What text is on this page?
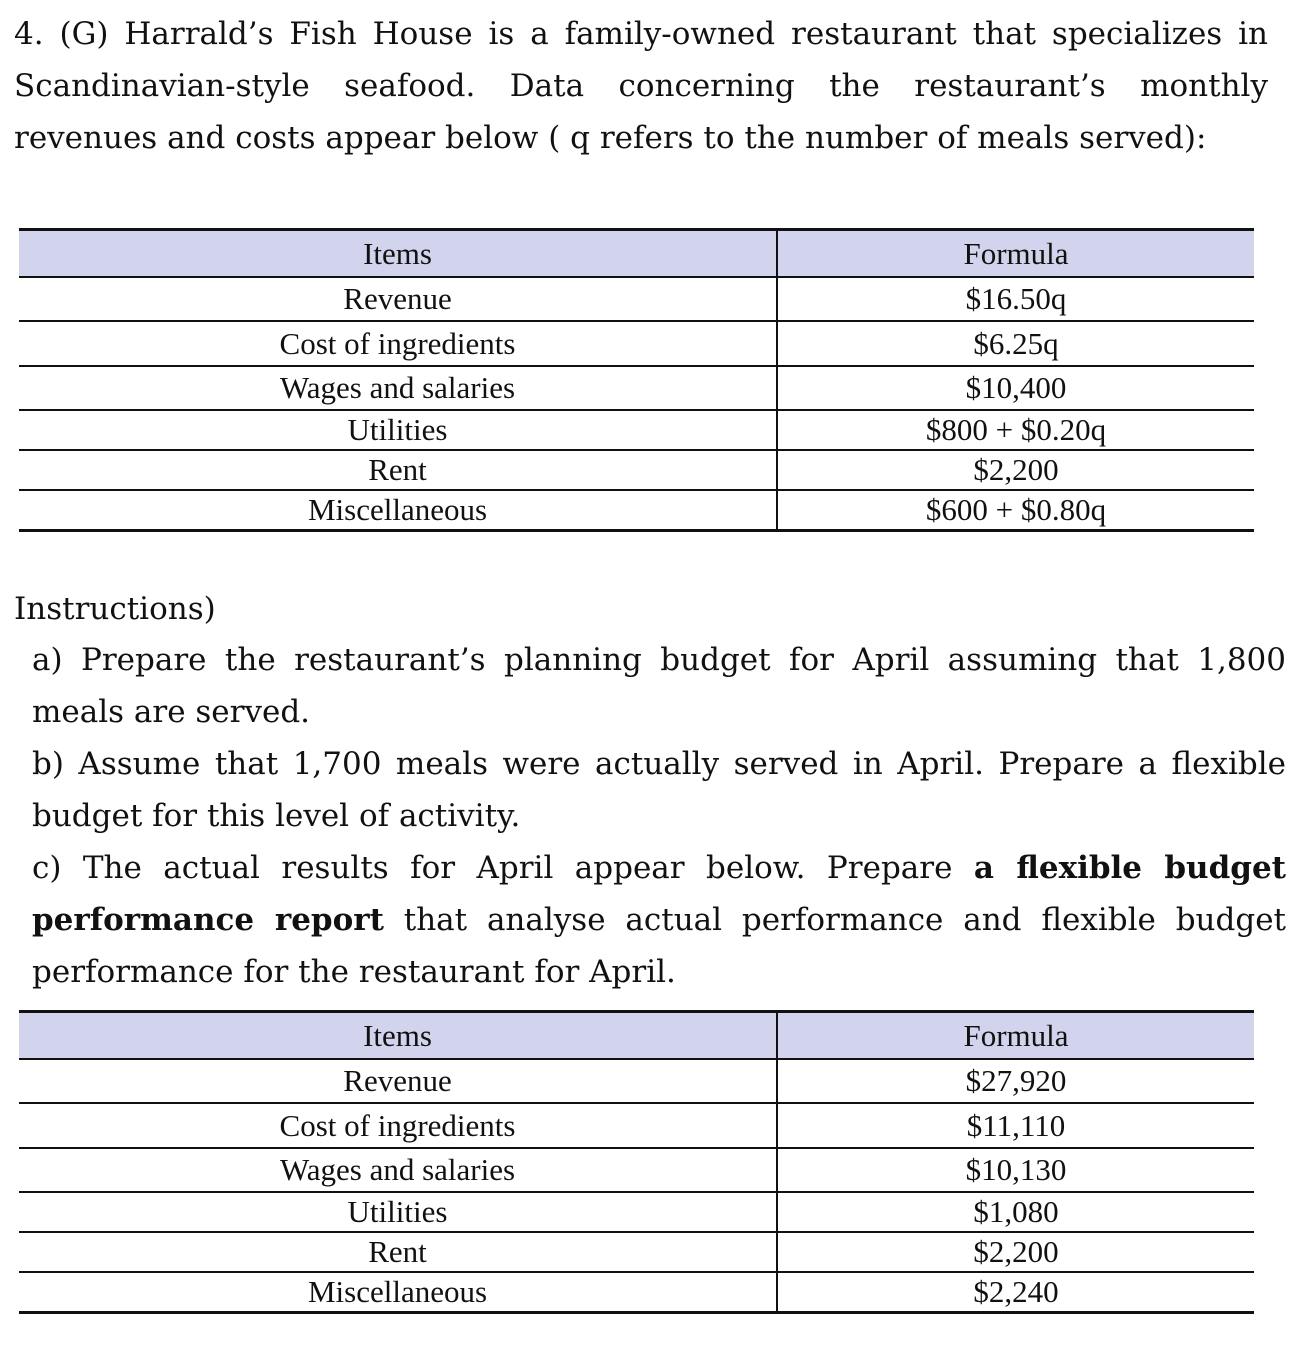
4. (G) Harrald’s Fish House is a family-owned restaurant that specializes in Scandinavian-style seafood. Data concerning the restaurant’s monthly revenues and costs appear below ( q refers to the number of meals served):

Items	Formula
Revenue	$16.50q
Cost of ingredients	$6.25q
Wages and salaries	$10,400
Utilities	$800 + $0.20q
Rent	$2,200
Miscellaneous	$600 + $0.80q
Instructions)

a) Prepare the restaurant’s planning budget for April assuming that 1,800 meals are served.

b) Assume that 1,700 meals were actually served in April. Prepare a flexible budget for this level of activity.

c) The actual results for April appear below. Prepare a flexible budget performance report that analyse actual performance and flexible budget performance for the restaurant for April.

Items	Formula
Revenue	$27,920
Cost of ingredients	$11,110
Wages and salaries	$10,130
Utilities	$1,080
Rent	$2,200
Miscellaneous	$2,240
